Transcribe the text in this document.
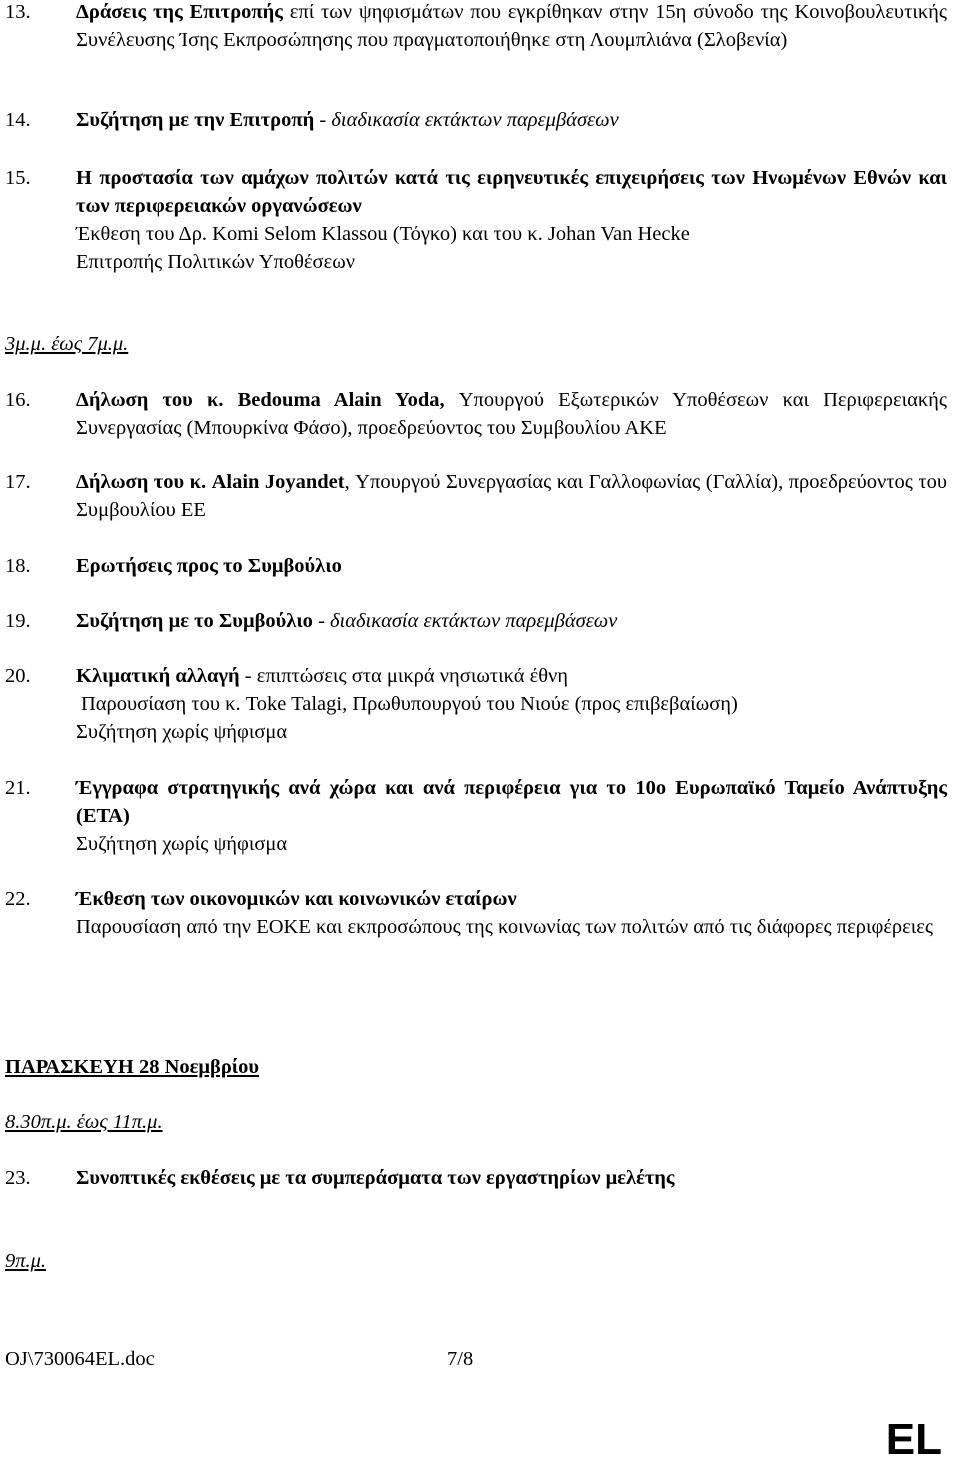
13. Δράσεις της Επιτροπής επί των ψηφισμάτων που εγκρίθηκαν στην 15η σύνοδο της Κοινοβουλευτικής Συνέλευσης Ίσης Εκπροσώπησης που πραγματοποιήθηκε στη Λουμπλιάνα (Σλοβενία)
14. Συζήτηση με την Επιτροπή - διαδικασία εκτάκτων παρεμβάσεων
15. Η προστασία των αμάχων πολιτών κατά τις ειρηνευτικές επιχειρήσεις των Ηνωμένων Εθνών και των περιφερειακών οργανώσεων
Έκθεση του Δρ. Komi Selom Klassou (Τόγκο) και του κ. Johan Van Hecke
Επιτροπής Πολιτικών Υποθέσεων
3μ.μ. έως 7μ.μ.
16. Δήλωση του κ. Bedouma Alain Yoda, Υπουργού Εξωτερικών Υποθέσεων και Περιφερειακής Συνεργασίας (Μπουρκίνα Φάσο), προεδρεύοντος του Συμβουλίου ΑΚΕ
17. Δήλωση του κ. Alain Joyandet, Υπουργού Συνεργασίας και Γαλλοφωνίας (Γαλλία), προεδρεύοντος του Συμβουλίου ΕΕ
18. Ερωτήσεις προς το Συμβούλιο
19. Συζήτηση με το Συμβούλιο - διαδικασία εκτάκτων παρεμβάσεων
20. Κλιματική αλλαγή - επιπτώσεις στα μικρά νησιωτικά έθνη
Παρουσίαση του κ. Toke Talagi, Πρωθυπουργού του Νιούε (προς επιβεβαίωση)
Συζήτηση χωρίς ψήφισμα
21. Έγγραφα στρατηγικής ανά χώρα και ανά περιφέρεια για το 10ο Ευρωπαϊκό Ταμείο Ανάπτυξης (ΕΤΑ)
Συζήτηση χωρίς ψήφισμα
22. Έκθεση των οικονομικών και κοινωνικών εταίρων
Παρουσίαση από την ΕΟΚΕ και εκπροσώπους της κοινωνίας των πολιτών από τις διάφορες περιφέρειες
ΠΑΡΑΣΚΕΥΗ 28 Νοεμβρίου
8.30π.μ. έως 11π.μ.
23. Συνοπτικές εκθέσεις με τα συμπεράσματα των εργαστηρίων μελέτης
9π.μ.
OJ\730064EL.doc	7/8
EL
